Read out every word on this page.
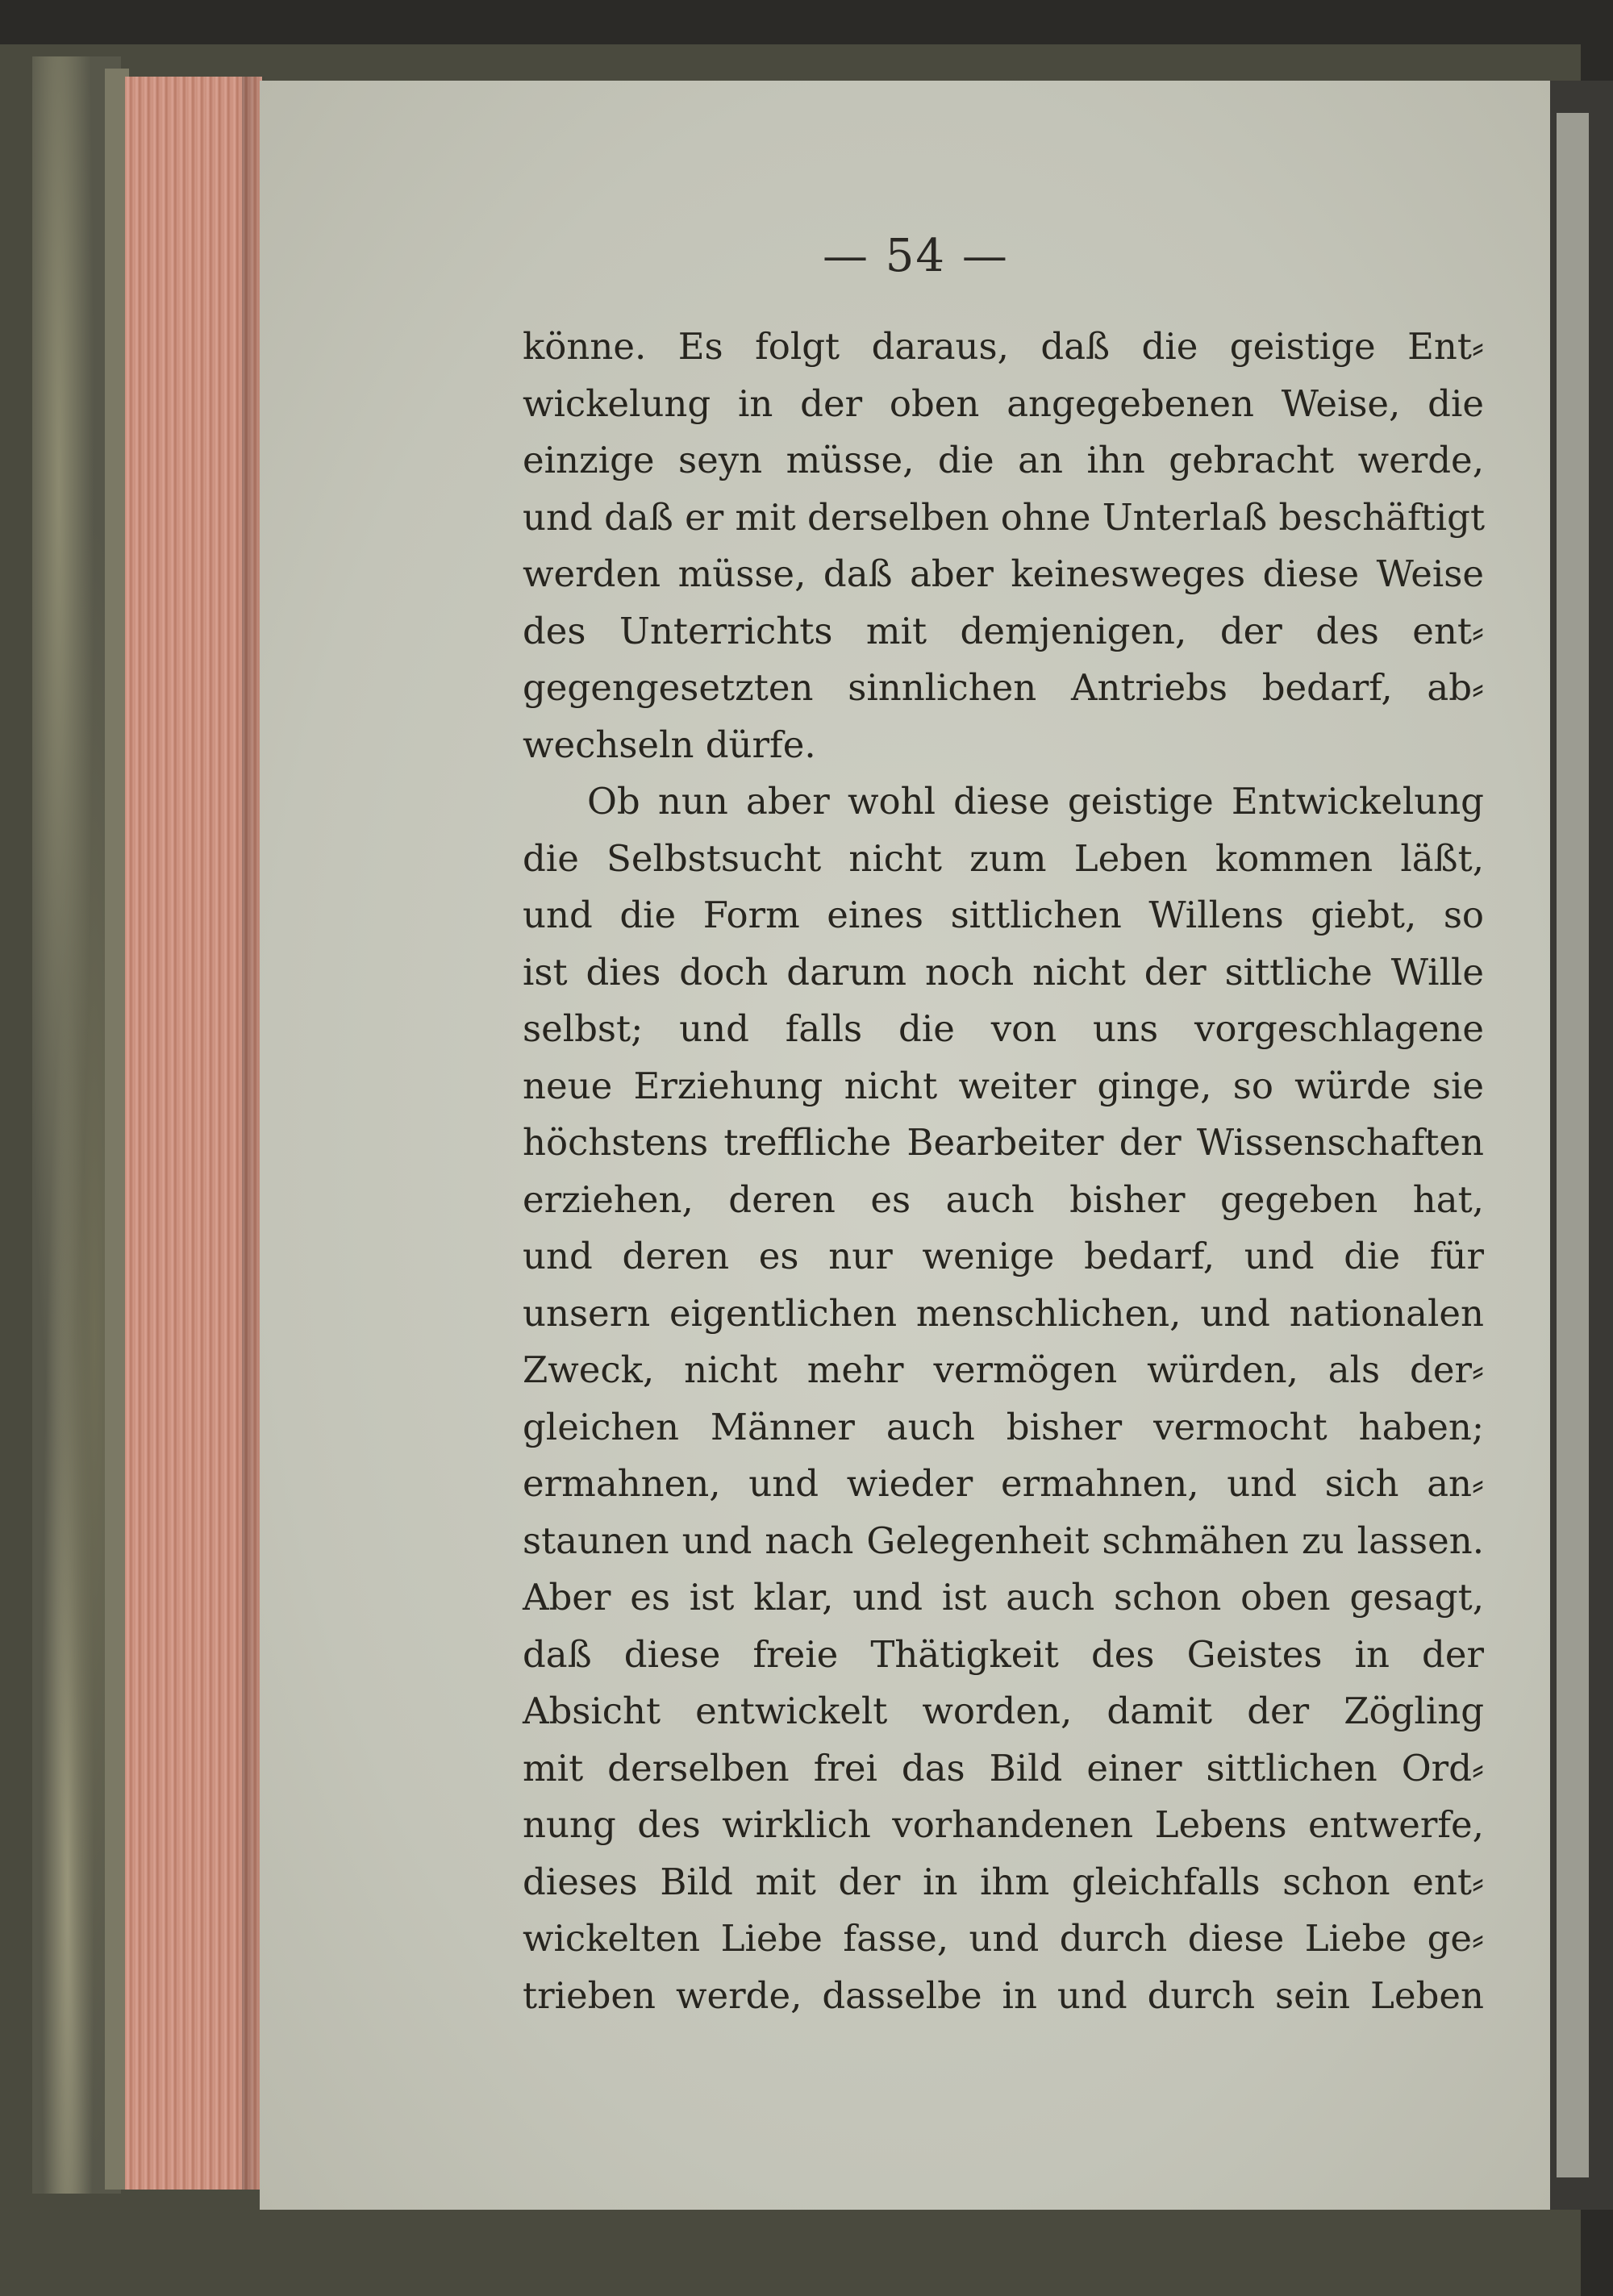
— 54 —
könne. Es folgt daraus, daß die geistige Ent⸗
wickelung in der oben angegebenen Weise, die
einzige seyn müsse, die an ihn gebracht werde,
und daß er mit derselben ohne Unterlaß beschäftigt
werden müsse, daß aber keinesweges diese Weise
des Unterrichts mit demjenigen, der des ent⸗
gegengesetzten sinnlichen Antriebs bedarf, ab⸗
wechseln dürfe.
Ob nun aber wohl diese geistige Entwickelung
die Selbstsucht nicht zum Leben kommen läßt,
und die Form eines sittlichen Willens giebt, so
ist dies doch darum noch nicht der sittliche Wille
selbst; und falls die von uns vorgeschlagene
neue Erziehung nicht weiter ginge, so würde sie
höchstens treffliche Bearbeiter der Wissenschaften
erziehen, deren es auch bisher gegeben hat,
und deren es nur wenige bedarf, und die für
unsern eigentlichen menschlichen, und nationalen
Zweck, nicht mehr vermögen würden, als der⸗
gleichen Männer auch bisher vermocht haben;
ermahnen, und wieder ermahnen, und sich an⸗
staunen und nach Gelegenheit schmähen zu lassen.
Aber es ist klar, und ist auch schon oben gesagt,
daß diese freie Thätigkeit des Geistes in der
Absicht entwickelt worden, damit der Zögling
mit derselben frei das Bild einer sittlichen Ord⸗
nung des wirklich vorhandenen Lebens entwerfe,
dieses Bild mit der in ihm gleichfalls schon ent⸗
wickelten Liebe fasse, und durch diese Liebe ge⸗
trieben werde, dasselbe in und durch sein Leben
